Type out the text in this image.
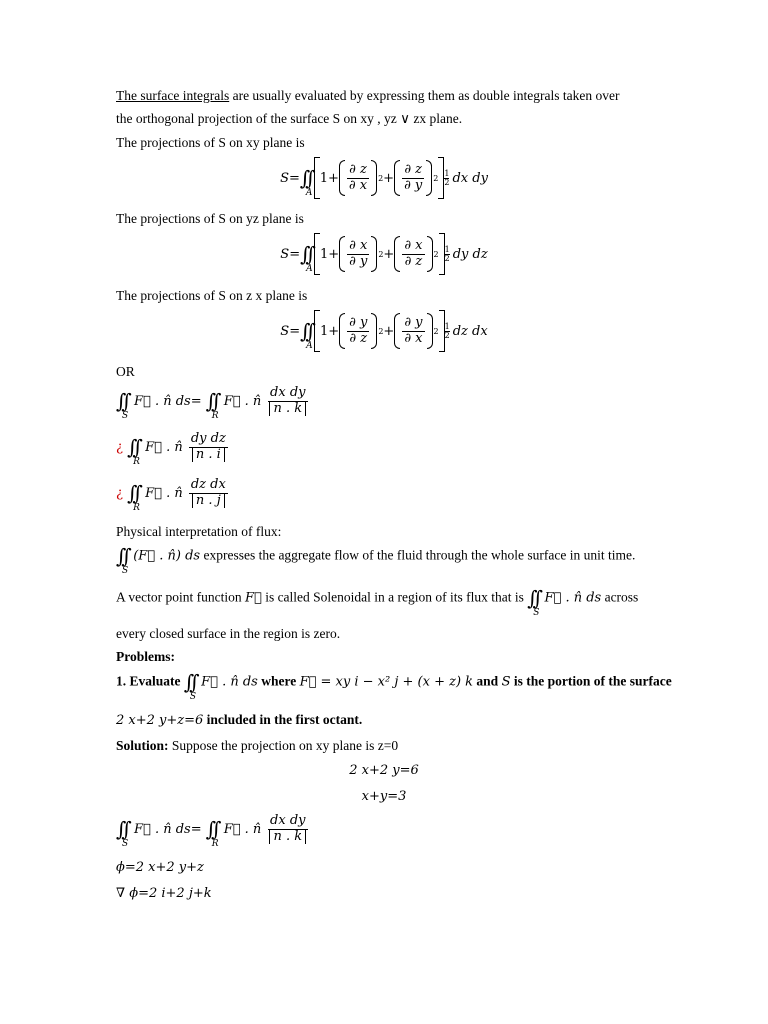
The surface integrals are usually evaluated by expressing them as double integrals taken over
the orthogonal projection of the surface S on xy , yz ∨ zx plane.
The projections of S on xy plane is
S= ∫∫
A
$1+ \frac{\partial z}{\partial x} 2 + \frac{\partial z}{\partial y} 2$
1
2 dx dy
The projections of S on yz plane is
S= ∫∫
A
$1+ \frac{\partial x}{\partial y} 2 + \frac{\partial x}{\partial z} 2$
1
2 dy dz
The projections of S on z x plane is
S= ∫∫
A
$1+ \frac{\partial y}{\partial z} 2 + \frac{\partial y}{\partial x} 2$
1
2 dz dx
OR
∫∫
S
F⃗ . n̂ ds= ∫∫
R
F⃗ . n̂ $\frac{\text{dx dy}}{n . k}$
¿ ∫∫
R
F⃗ . n̂ $\frac{\text{dy dz}}{n . i}$
¿ ∫∫
R
F⃗ . n̂ $\frac{\text{dz dx}}{n . j}$
Physical interpretation of flux:
∫∫
S
(F⃗ . n̂) ds expresses the aggregate flow of the fluid through the whole surface in unit time.
A vector point function F⃗ is called Solenoidal in a region of its flux that is ∫∫
S
F⃗ . n̂ ds across
every closed surface in the region is zero.
Problems:
1. Evaluate ∫∫
S
F⃗ . n̂ ds where F⃗ = xy i − x² j + (x + z) k and S is the portion of the surface
2 x+2 y+z=6 included in the first octant.
Solution: Suppose the projection on xy plane is z=0
2 x+2 y=6
x+y=3
∫∫
S
F⃗ . n̂ ds= ∫∫
R
F⃗ . n̂ $\frac{\text{dx dy}}{n . k}$
ϕ=2 x+2 y+z
∇ ϕ=2 i+2 j+k
